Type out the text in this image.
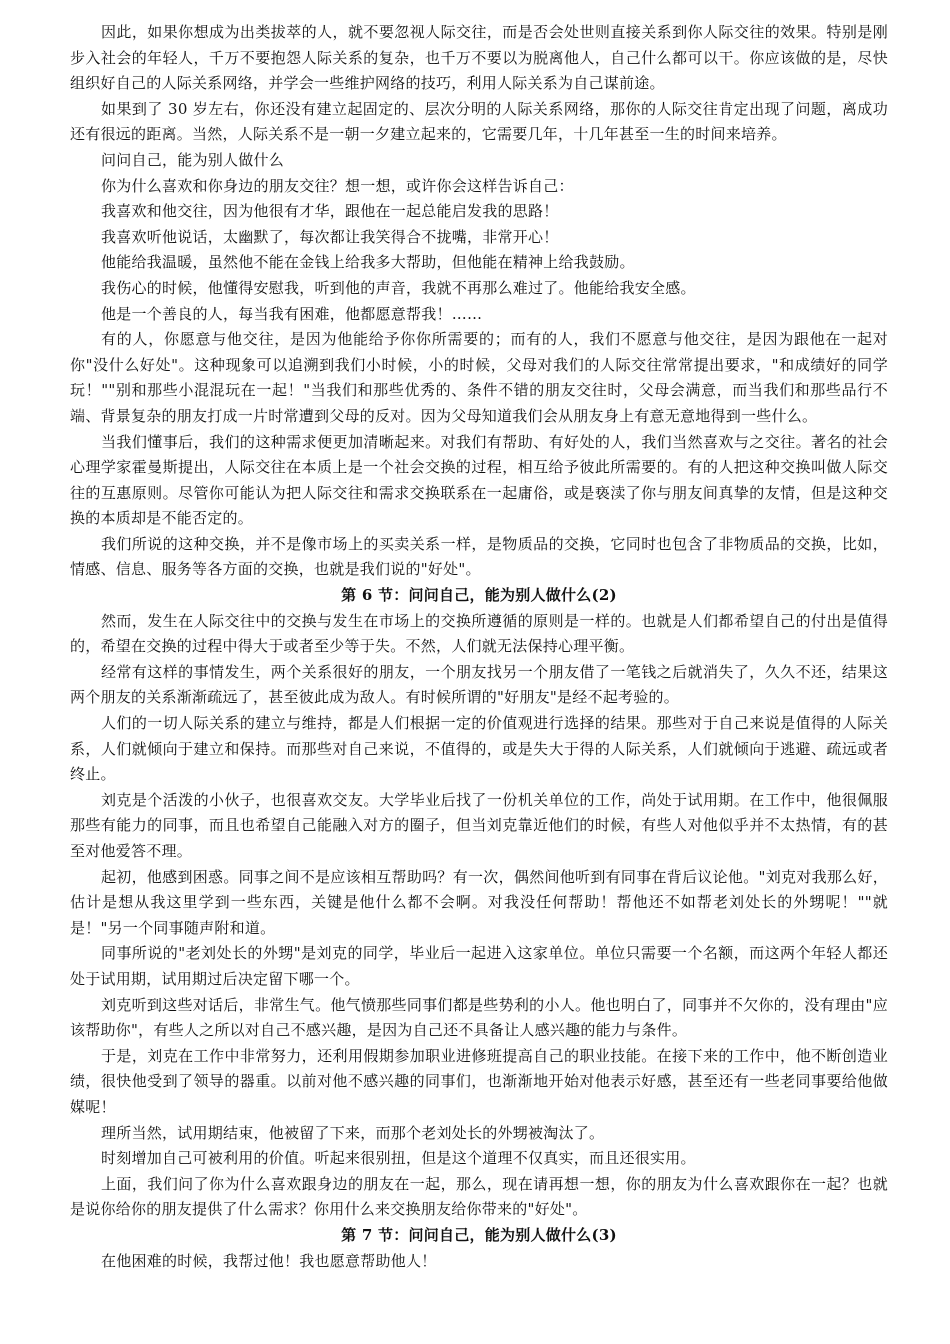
因此，如果你想成为出类拔萃的人，就不要忽视人际交往，而是否会处世则直接关系到你人际交往的效果。特别是刚步入社会的年轻人，千万不要抱怨人际关系的复杂，也千万不要以为脱离他人，自己什么都可以干。你应该做的是，尽快组织好自己的人际关系网络，并学会一些维护网络的技巧，利用人际关系为自己谋前途。

如果到了 30 岁左右，你还没有建立起固定的、层次分明的人际关系网络，那你的人际交往肯定出现了问题，离成功还有很远的距离。当然，人际关系不是一朝一夕建立起来的，它需要几年，十几年甚至一生的时间来培养。

问问自己，能为别人做什么

你为什么喜欢和你身边的朋友交往？想一想，或许你会这样告诉自己：

我喜欢和他交往，因为他很有才华，跟他在一起总能启发我的思路！

我喜欢听他说话，太幽默了，每次都让我笑得合不拢嘴，非常开心！

他能给我温暖，虽然他不能在金钱上给我多大帮助，但他能在精神上给我鼓励。

我伤心的时候，他懂得安慰我，听到他的声音，我就不再那么难过了。他能给我安全感。

他是一个善良的人，每当我有困难，他都愿意帮我！……

有的人，你愿意与他交往，是因为他能给予你你所需要的；而有的人，我们不愿意与他交往，是因为跟他在一起对你"没什么好处"。这种现象可以追溯到我们小时候，小的时候，父母对我们的人际交往常常提出要求，"和成绩好的同学玩！""别和那些小混混玩在一起！"当我们和那些优秀的、条件不错的朋友交往时，父母会满意，而当我们和那些品行不端、背景复杂的朋友打成一片时常遭到父母的反对。因为父母知道我们会从朋友身上有意无意地得到一些什么。

当我们懂事后，我们的这种需求便更加清晰起来。对我们有帮助、有好处的人，我们当然喜欢与之交往。著名的社会心理学家霍曼斯提出，人际交往在本质上是一个社会交换的过程，相互给予彼此所需要的。有的人把这种交换叫做人际交往的互惠原则。尽管你可能认为把人际交往和需求交换联系在一起庸俗，或是亵渎了你与朋友间真挚的友情，但是这种交换的本质却是不能否定的。

我们所说的这种交换，并不是像市场上的买卖关系一样，是物质品的交换，它同时也包含了非物质品的交换，比如，情感、信息、服务等各方面的交换，也就是我们说的"好处"。

第 6 节：问问自己，能为别人做什么(2)

然而，发生在人际交往中的交换与发生在市场上的交换所遵循的原则是一样的。也就是人们都希望自己的付出是值得的，希望在交换的过程中得大于或者至少等于失。不然，人们就无法保持心理平衡。

经常有这样的事情发生，两个关系很好的朋友，一个朋友找另一个朋友借了一笔钱之后就消失了，久久不还，结果这两个朋友的关系渐渐疏远了，甚至彼此成为敌人。有时候所谓的"好朋友"是经不起考验的。

人们的一切人际关系的建立与维持，都是人们根据一定的价值观进行选择的结果。那些对于自己来说是值得的人际关系，人们就倾向于建立和保持。而那些对自己来说，不值得的，或是失大于得的人际关系，人们就倾向于逃避、疏远或者终止。

刘克是个活泼的小伙子，也很喜欢交友。大学毕业后找了一份机关单位的工作，尚处于试用期。在工作中，他很佩服那些有能力的同事，而且也希望自己能融入对方的圈子，但当刘克靠近他们的时候，有些人对他似乎并不太热情，有的甚至对他爱答不理。

起初，他感到困惑。同事之间不是应该相互帮助吗？有一次，偶然间他听到有同事在背后议论他。"刘克对我那么好，估计是想从我这里学到一些东西，关键是他什么都不会啊。对我没任何帮助！帮他还不如帮老刘处长的外甥呢！""就是！"另一个同事随声附和道。

同事所说的"老刘处长的外甥"是刘克的同学，毕业后一起进入这家单位。单位只需要一个名额，而这两个年轻人都还处于试用期，试用期过后决定留下哪一个。

刘克听到这些对话后，非常生气。他气愤那些同事们都是些势利的小人。他也明白了，同事并不欠你的，没有理由"应该帮助你"，有些人之所以对自己不感兴趣，是因为自己还不具备让人感兴趣的能力与条件。

于是，刘克在工作中非常努力，还利用假期参加职业进修班提高自己的职业技能。在接下来的工作中，他不断创造业绩，很快他受到了领导的器重。以前对他不感兴趣的同事们，也渐渐地开始对他表示好感，甚至还有一些老同事要给他做媒呢！

理所当然，试用期结束，他被留了下来，而那个老刘处长的外甥被淘汰了。

时刻增加自己可被利用的价值。听起来很别扭，但是这个道理不仅真实，而且还很实用。

上面，我们问了你为什么喜欢跟身边的朋友在一起，那么，现在请再想一想，你的朋友为什么喜欢跟你在一起？也就是说你给你的朋友提供了什么需求？你用什么来交换朋友给你带来的"好处"。

第 7 节：问问自己，能为别人做什么(3)

在他困难的时候，我帮过他！我也愿意帮助他人！
